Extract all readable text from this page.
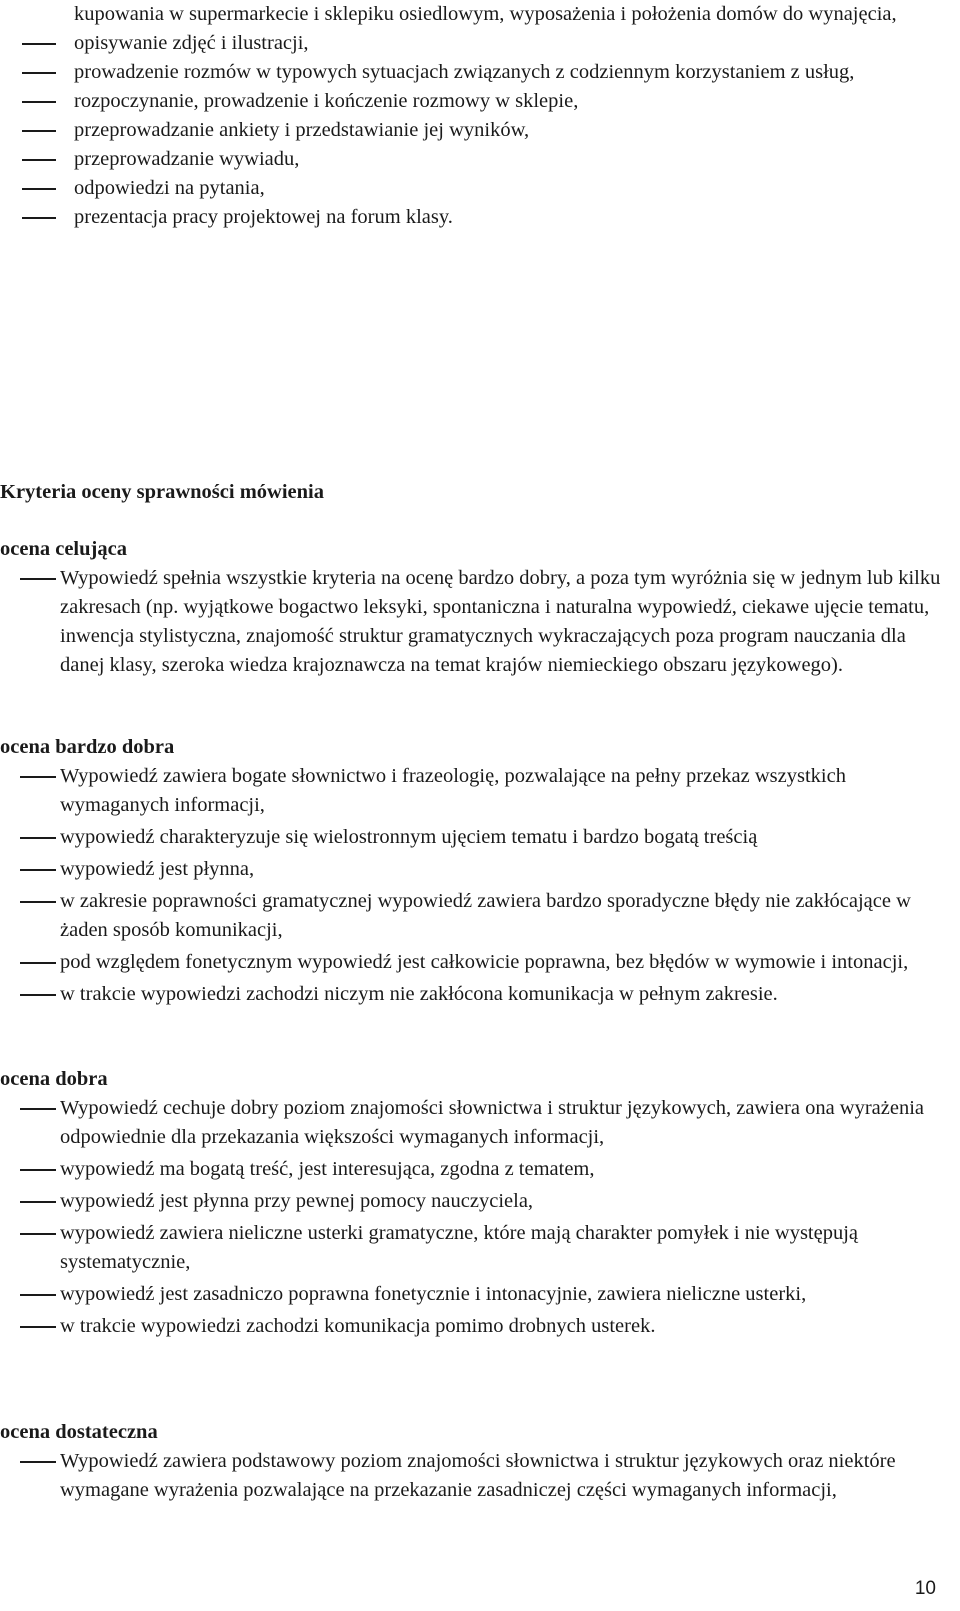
kupowania w supermarkecie i sklepiku osiedlowym, wyposażenia i położenia domów do wynajęcia,
opisywanie zdjęć i ilustracji,
prowadzenie rozmów w typowych sytuacjach związanych z codziennym korzystaniem z usług,
rozpoczynanie, prowadzenie i kończenie rozmowy w sklepie,
przeprowadzanie ankiety i przedstawianie jej wyników,
przeprowadzanie wywiadu,
odpowiedzi na pytania,
prezentacja pracy projektowej na forum klasy.
Kryteria oceny sprawności mówienia
ocena celująca
Wypowiedź spełnia wszystkie kryteria na ocenę bardzo dobry, a poza tym wyróżnia się w jednym lub kilku zakresach (np. wyjątkowe bogactwo leksyki, spontaniczna i naturalna wypowiedź, ciekawe ujęcie tematu, inwencja stylistyczna, znajomość struktur gramatycznych wykraczających poza program nauczania dla danej klasy, szeroka wiedza krajoznawcza na temat krajów niemieckiego obszaru językowego).
ocena bardzo dobra
Wypowiedź zawiera bogate słownictwo i frazeologię, pozwalające na pełny przekaz wszystkich wymaganych informacji,
wypowiedź charakteryzuje się wielostronnym ujęciem tematu i bardzo bogatą treścią
wypowiedź jest płynna,
w zakresie poprawności gramatycznej wypowiedź zawiera bardzo sporadyczne błędy nie zakłócające w żaden sposób komunikacji,
pod względem fonetycznym wypowiedź jest całkowicie poprawna, bez błędów w wymowie i intonacji,
w trakcie wypowiedzi zachodzi niczym nie zakłócona komunikacja w pełnym zakresie.
ocena dobra
Wypowiedź cechuje dobry poziom znajomości słownictwa i struktur językowych, zawiera ona wyrażenia odpowiednie dla przekazania większości wymaganych informacji,
wypowiedź ma bogatą treść, jest interesująca, zgodna z tematem,
wypowiedź jest płynna przy pewnej pomocy nauczyciela,
wypowiedź zawiera nieliczne usterki gramatyczne, które mają charakter pomyłek i nie występują systematycznie,
wypowiedź jest zasadniczo poprawna fonetycznie i intonacyjnie, zawiera nieliczne usterki,
w trakcie wypowiedzi zachodzi komunikacja pomimo drobnych usterek.
ocena dostateczna
Wypowiedź zawiera podstawowy poziom znajomości słownictwa i struktur językowych oraz niektóre wymagane wyrażenia pozwalające na przekazanie zasadniczej części wymaganych informacji,
10
